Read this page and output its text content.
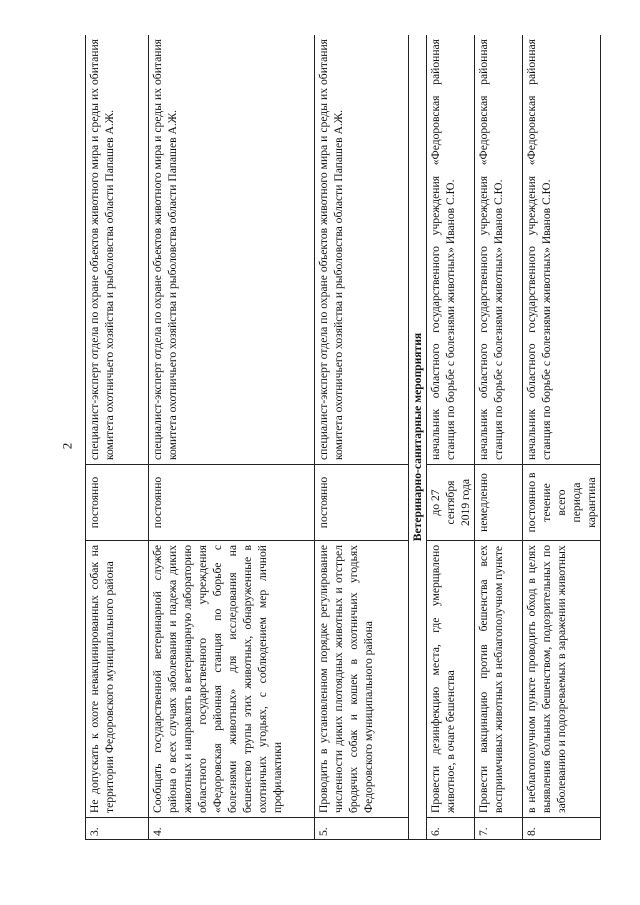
2
3.	Не допускать к охоте невакцинированных собак на территории Федоровского муниципального района	постоянно	специалист-эксперт отдела по охране объектов животного мира и среды их обитания комитета охотничьего хозяйства и рыболовства области Папашев А.Ж.
4.	Сообщать государственной ветеринарной службе района о всех случаях заболевания и падежа диких животных и направлять в ветеринарную лабораторию областного государственного учреждения «Федоровская районная станция по борьбе с болезнями животных» для исследования на бешенство трупы этих животных, обнаруженные в охотничьих угодьях, с соблюдением мер личной профилактики	постоянно	специалист-эксперт отдела по охране объектов животного мира и среды их обитания комитета охотничьего хозяйства и рыболовства области Папашев А.Ж.
5.	Проводить в установленном порядке регулирование численности диких плотоядных животных и отстрел бродячих собак и кошек в охотничьих угодьях Федоровского муниципального района	постоянно	специалист-эксперт отдела по охране объектов животного мира и среды их обитания комитета охотничьего хозяйства и рыболовства области Папашев А.Ж.
Ветеринарно-санитарные мероприятия			
6.	Провести дезинфекцию места, где умерщвлено животное, в очаге бешенства	до 27 сентября 2019 года	начальник областного государственного учреждения «Федоровская районная станция по борьбе с болезнями животных» Иванов С.Ю.
7.	Провести вакцинацию против бешенства всех восприимчивых животных в неблагополучном пункте	немедленно	начальник областного государственного учреждения «Федоровская районная станция по борьбе с болезнями животных» Иванов С.Ю.
8.	в неблагополучном пункте проводить обход в целях выявления больных бешенством, подозрительных по заболеванию и подозреваемых в заражении животных	постоянно в течение всего периода карантина	начальник областного государственного учреждения «Федоровская районная станция по борьбе с болезнями животных» Иванов С.Ю.
